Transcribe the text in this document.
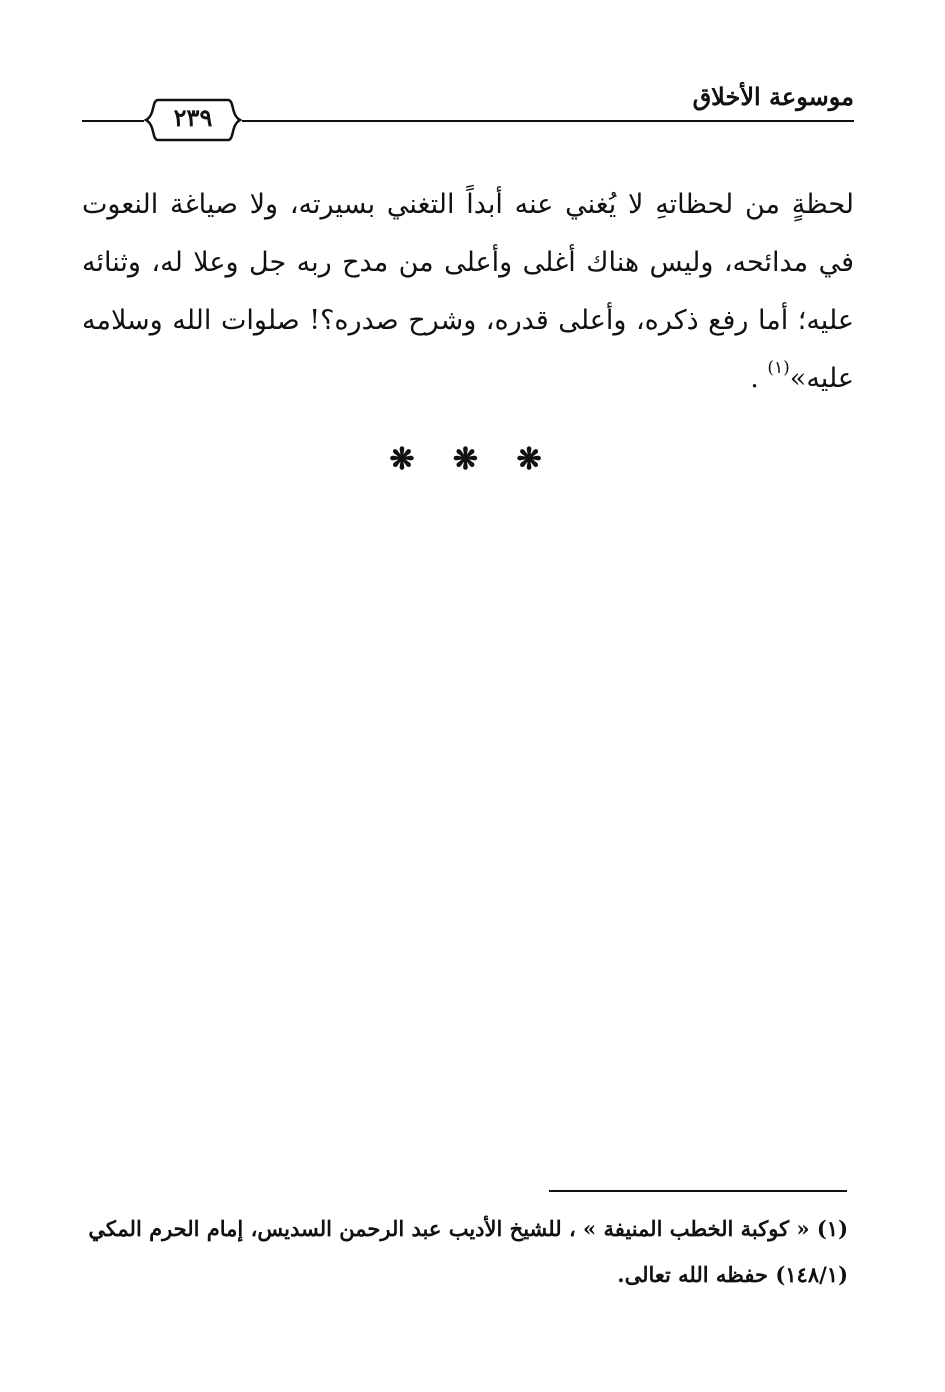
موسوعة الأخلاق
٢٣٩

لحظةٍ من لحظاتهِ لا يُغني عنه أبداً التغني بسيرته، ولا صياغة النعوت في مدائحه، وليس هناك أغلى وأعلى من مدح ربه جل وعلا له، وثنائه عليه؛ أما رفع ذكره، وأعلى قدره، وشرح صدره؟! صلوات الله وسلامه عليه»$^{(١)}$ .

❋ ❋ ❋

(١) « كوكبة الخطب المنيفة » ، للشيخ الأديب عبد الرحمن السديس، إمام الحرم المكي (١٤٨/١) حفظه الله تعالى.
